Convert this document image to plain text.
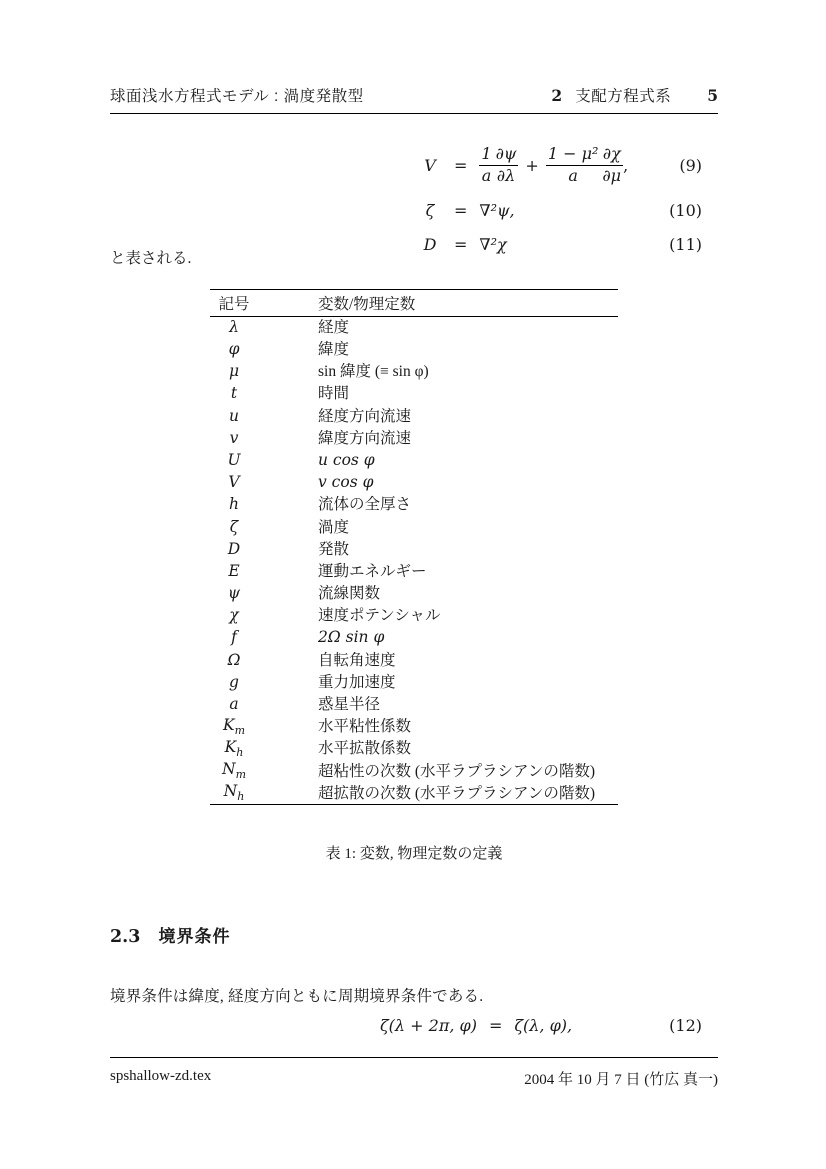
球面浅水方程式モデル : 渦度発散型	2 支配方程式系 5
V	= $\frac{1}{a} \frac{\partial\psi}{\partial\lambda} + \frac{\text{1 − μ²}}{a} \frac{\partial\chi}{\partial\mu}$ ,	(9)
ζ	= ∇²ψ,	(10)
D	= ∇²χ	(11)
と表される.
記号	変数/物理定数
λ	経度
φ	緯度
μ	sin 緯度 (≡ sin φ)
t	時間
u	経度方向流速
v	緯度方向流速
U	u cos φ
V	v cos φ
h	流体の全厚さ
ζ	渦度
D	発散
E	運動エネルギー
ψ	流線関数
χ	速度ポテンシャル
f	2Ω sin φ
Ω	自転角速度
g	重力加速度
a	惑星半径
$K_m$	水平粘性係数
$K_h$	水平拡散係数
$N_m$	超粘性の次数 (水平ラプラシアンの階数)
$N_h$	超拡散の次数 (水平ラプラシアンの階数)
表 1: 変数, 物理定数の定義
2.3 境界条件
境界条件は緯度, 経度方向ともに周期境界条件である.
ζ(λ + 2π, φ) = ζ(λ, φ),	(12)
spshallow-zd.tex	2004 年 10 月 7 日 (竹広 真一)
